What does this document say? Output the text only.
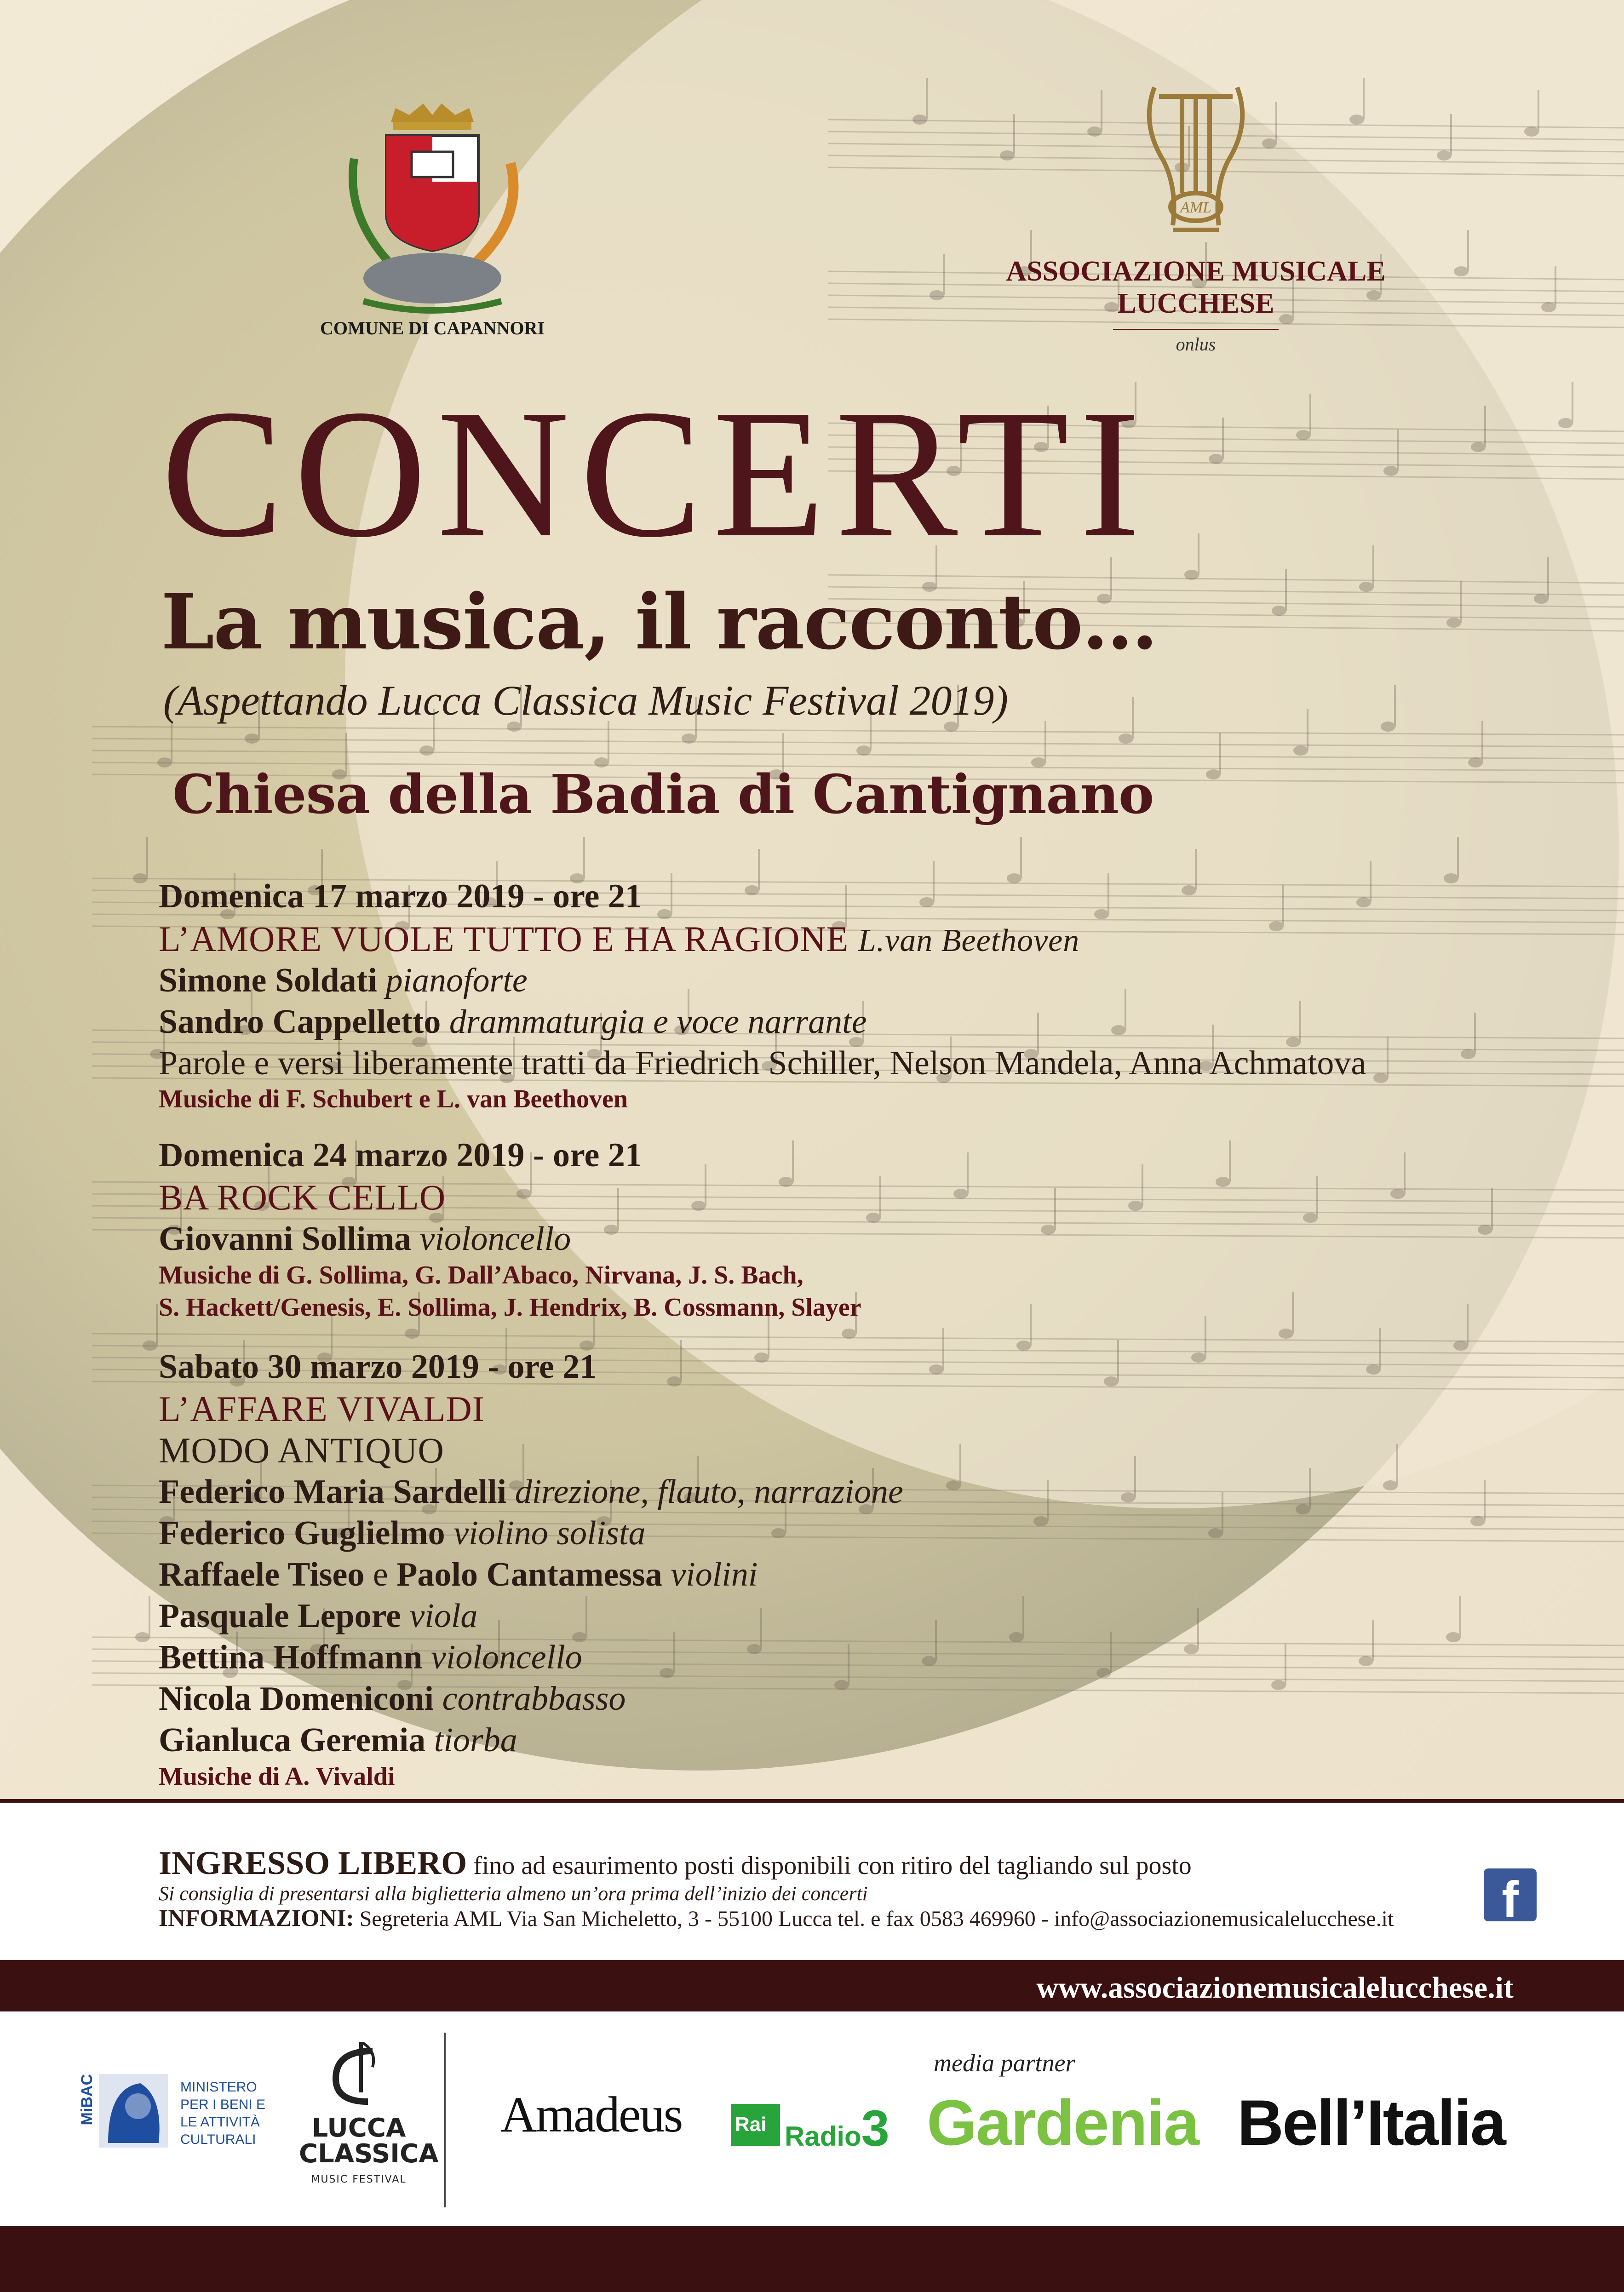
COMUNE DI CAPANNORI
AML
ASSOCIAZIONE MUSICALE
LUCCHESE
onlus
CONCERTI
La musica, il racconto…
(Aspettando Lucca Classica Music Festival 2019)
Chiesa della Badia di Cantignano
Domenica 17 marzo 2019 - ore 21
L’AMORE VUOLE TUTTO E HA RAGIONE L.van Beethoven
Simone Soldati pianoforte
Sandro Cappelletto drammaturgia e voce narrante
Parole e versi liberamente tratti da Friedrich Schiller, Nelson Mandela, Anna Achmatova
Musiche di F. Schubert e L. van Beethoven
Domenica 24 marzo 2019 - ore 21
BA ROCK CELLO
Giovanni Sollima violoncello
Musiche di G. Sollima, G. Dall’Abaco, Nirvana, J. S. Bach,
S. Hackett/Genesis, E. Sollima, J. Hendrix, B. Cossmann, Slayer
Sabato 30 marzo 2019 - ore 21
L’AFFARE VIVALDI
MODO ANTIQUO
Federico Maria Sardelli direzione, flauto, narrazione
Federico Guglielmo violino solista
Raffaele Tiseo e Paolo Cantamessa violini
Pasquale Lepore viola
Bettina Hoffmann violoncello
Nicola Domeniconi contrabbasso
Gianluca Geremia tiorba
Musiche di A. Vivaldi
INGRESSO LIBERO fino ad esaurimento posti disponibili con ritiro del tagliando sul posto
Si consiglia di presentarsi alla biglietteria almeno un’ora prima dell’inizio dei concerti
INFORMAZIONI: Segreteria AML Via San Micheletto, 3 - 55100 Lucca tel. e fax 0583 469960 - info@associazionemusicalelucchese.it	f
www.associazionemusicalelucchese.it
MiBAC	MINISTERO
PER I BENI E
LE ATTIVITÀ
CULTURALI	LUCCA
CLASSICA
MUSIC FESTIVAL
media partner
Amadeus	Rai Radio3 Gardenia Bell’Italia
